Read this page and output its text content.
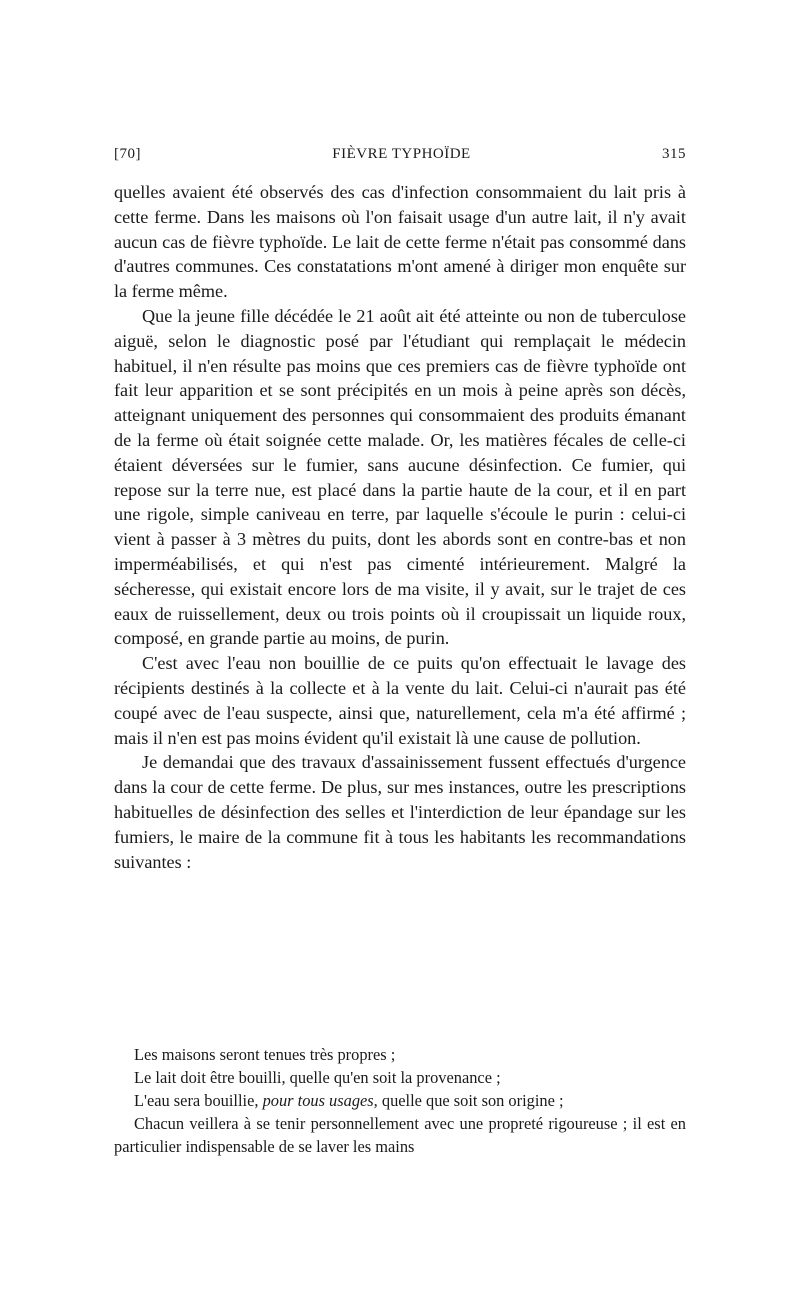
[70]	FIÈVRE TYPHOÏDE	315

quelles avaient été observés des cas d'infection consommaient du lait pris à cette ferme. Dans les maisons où l'on faisait usage d'un autre lait, il n'y avait aucun cas de fièvre typhoïde. Le lait de cette ferme n'était pas consommé dans d'autres communes. Ces constatations m'ont amené à diriger mon enquête sur la ferme même.

Que la jeune fille décédée le 21 août ait été atteinte ou non de tuberculose aiguë, selon le diagnostic posé par l'étudiant qui remplaçait le médecin habituel, il n'en résulte pas moins que ces premiers cas de fièvre typhoïde ont fait leur apparition et se sont précipités en un mois à peine après son décès, atteignant uniquement des personnes qui consommaient des produits émanant de la ferme où était soignée cette malade. Or, les matières fécales de celle-ci étaient déversées sur le fumier, sans aucune désinfection. Ce fumier, qui repose sur la terre nue, est placé dans la partie haute de la cour, et il en part une rigole, simple caniveau en terre, par laquelle s'écoule le purin : celui-ci vient à passer à 3 mètres du puits, dont les abords sont en contre-bas et non imperméabilisés, et qui n'est pas cimenté intérieurement. Malgré la sécheresse, qui existait encore lors de ma visite, il y avait, sur le trajet de ces eaux de ruissellement, deux ou trois points où il croupissait un liquide roux, composé, en grande partie au moins, de purin.

C'est avec l'eau non bouillie de ce puits qu'on effectuait le lavage des récipients destinés à la collecte et à la vente du lait. Celui-ci n'aurait pas été coupé avec de l'eau suspecte, ainsi que, naturellement, cela m'a été affirmé ; mais il n'en est pas moins évident qu'il existait là une cause de pollution.

Je demandai que des travaux d'assainissement fussent effectués d'urgence dans la cour de cette ferme. De plus, sur mes instances, outre les prescriptions habituelles de désinfection des selles et l'interdiction de leur épandage sur les fumiers, le maire de la commune fit à tous les habitants les recommandations suivantes :

Les maisons seront tenues très propres ;

Le lait doit être bouilli, quelle qu'en soit la provenance ;

L'eau sera bouillie, pour tous usages, quelle que soit son origine ;

Chacun veillera à se tenir personnellement avec une propreté rigoureuse ; il est en particulier indispensable de se laver les mains
